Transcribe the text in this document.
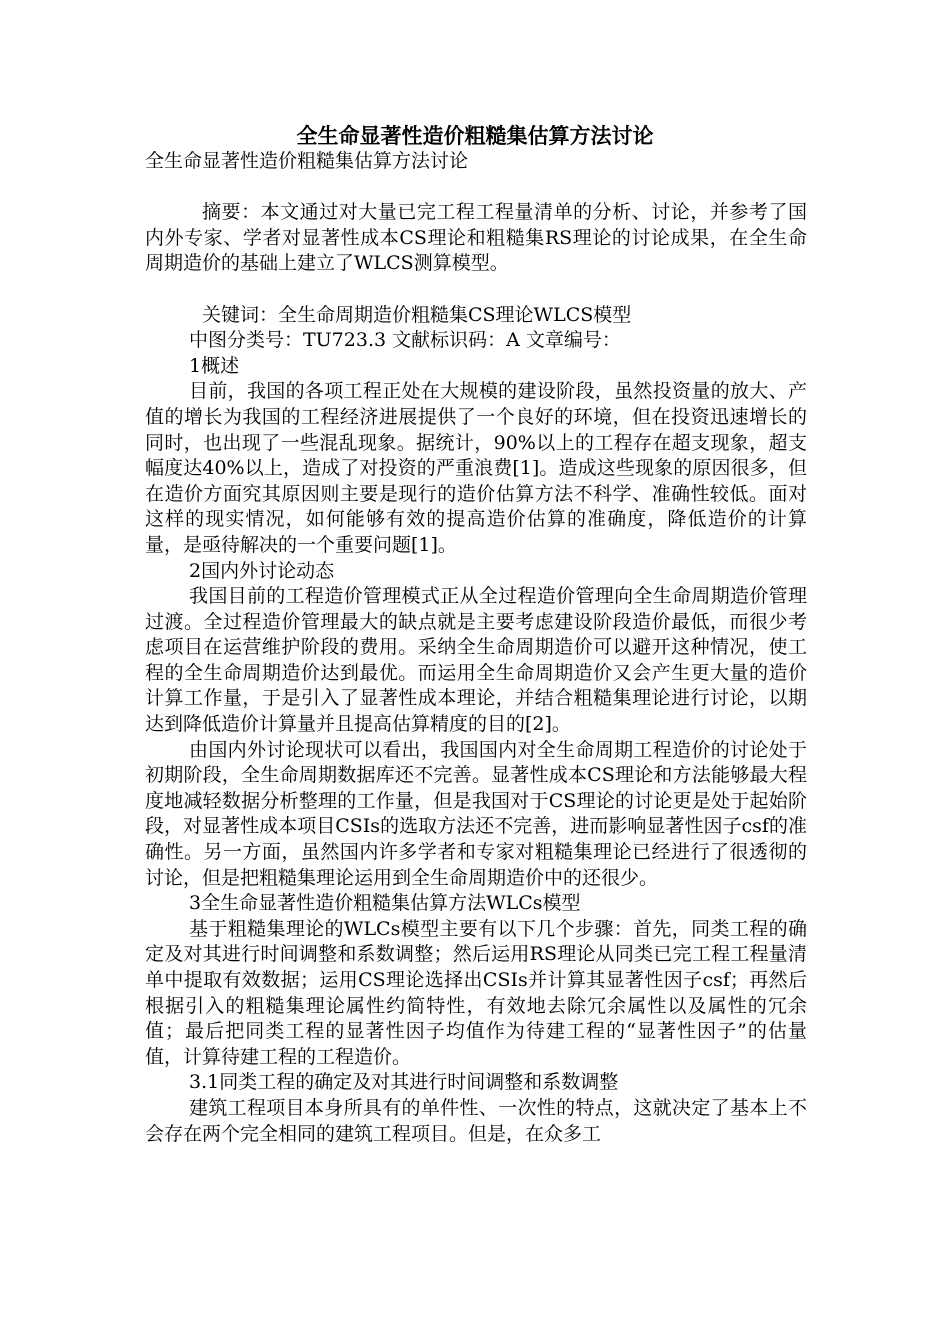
全生命显著性造价粗糙集估算方法讨论

全生命显著性造价粗糙集估算方法讨论

摘要：本文通过对大量已完工程工程量清单的分析、讨论，并参考了国内外专家、学者对显著性成本CS理论和粗糙集RS理论的讨论成果，在全生命周期造价的基础上建立了WLCS测算模型。

关键词：全生命周期造价粗糙集CS理论WLCS模型

中图分类号：TU723.3 文献标识码：A 文章编号：

1概述

目前，我国的各项工程正处在大规模的建设阶段，虽然投资量的放大、产值的增长为我国的工程经济进展提供了一个良好的环境，但在投资迅速增长的同时，也出现了一些混乱现象。据统计，90%以上的工程存在超支现象，超支幅度达40%以上，造成了对投资的严重浪费[1]。造成这些现象的原因很多，但在造价方面究其原因则主要是现行的造价估算方法不科学、准确性较低。面对这样的现实情况，如何能够有效的提高造价估算的准确度，降低造价的计算量，是亟待解决的一个重要问题[1]。

2国内外讨论动态

我国目前的工程造价管理模式正从全过程造价管理向全生命周期造价管理过渡。全过程造价管理最大的缺点就是主要考虑建设阶段造价最低，而很少考虑项目在运营维护阶段的费用。采纳全生命周期造价可以避开这种情况，使工程的全生命周期造价达到最优。而运用全生命周期造价又会产生更大量的造价计算工作量，于是引入了显著性成本理论，并结合粗糙集理论进行讨论，以期达到降低造价计算量并且提高估算精度的目的[2]。

由国内外讨论现状可以看出，我国国内对全生命周期工程造价的讨论处于初期阶段，全生命周期数据库还不完善。显著性成本CS理论和方法能够最大程度地减轻数据分析整理的工作量，但是我国对于CS理论的讨论更是处于起始阶段，对显著性成本项目CSIs的选取方法还不完善，进而影响显著性因子csf的准确性。另一方面，虽然国内许多学者和专家对粗糙集理论已经进行了很透彻的讨论，但是把粗糙集理论运用到全生命周期造价中的还很少。

3全生命显著性造价粗糙集估算方法WLCs模型

基于粗糙集理论的WLCs模型主要有以下几个步骤：首先，同类工程的确定及对其进行时间调整和系数调整；然后运用RS理论从同类已完工程工程量清单中提取有效数据；运用CS理论选择出CSIs并计算其显著性因子csf；再然后根据引入的粗糙集理论属性约简特性，有效地去除冗余属性以及属性的冗余值；最后把同类工程的显著性因子均值作为待建工程的“显著性因子”的估量值，计算待建工程的工程造价。

3.1同类工程的确定及对其进行时间调整和系数调整

建筑工程项目本身所具有的单件性、一次性的特点，这就决定了基本上不会存在两个完全相同的建筑工程项目。但是，在众多工
